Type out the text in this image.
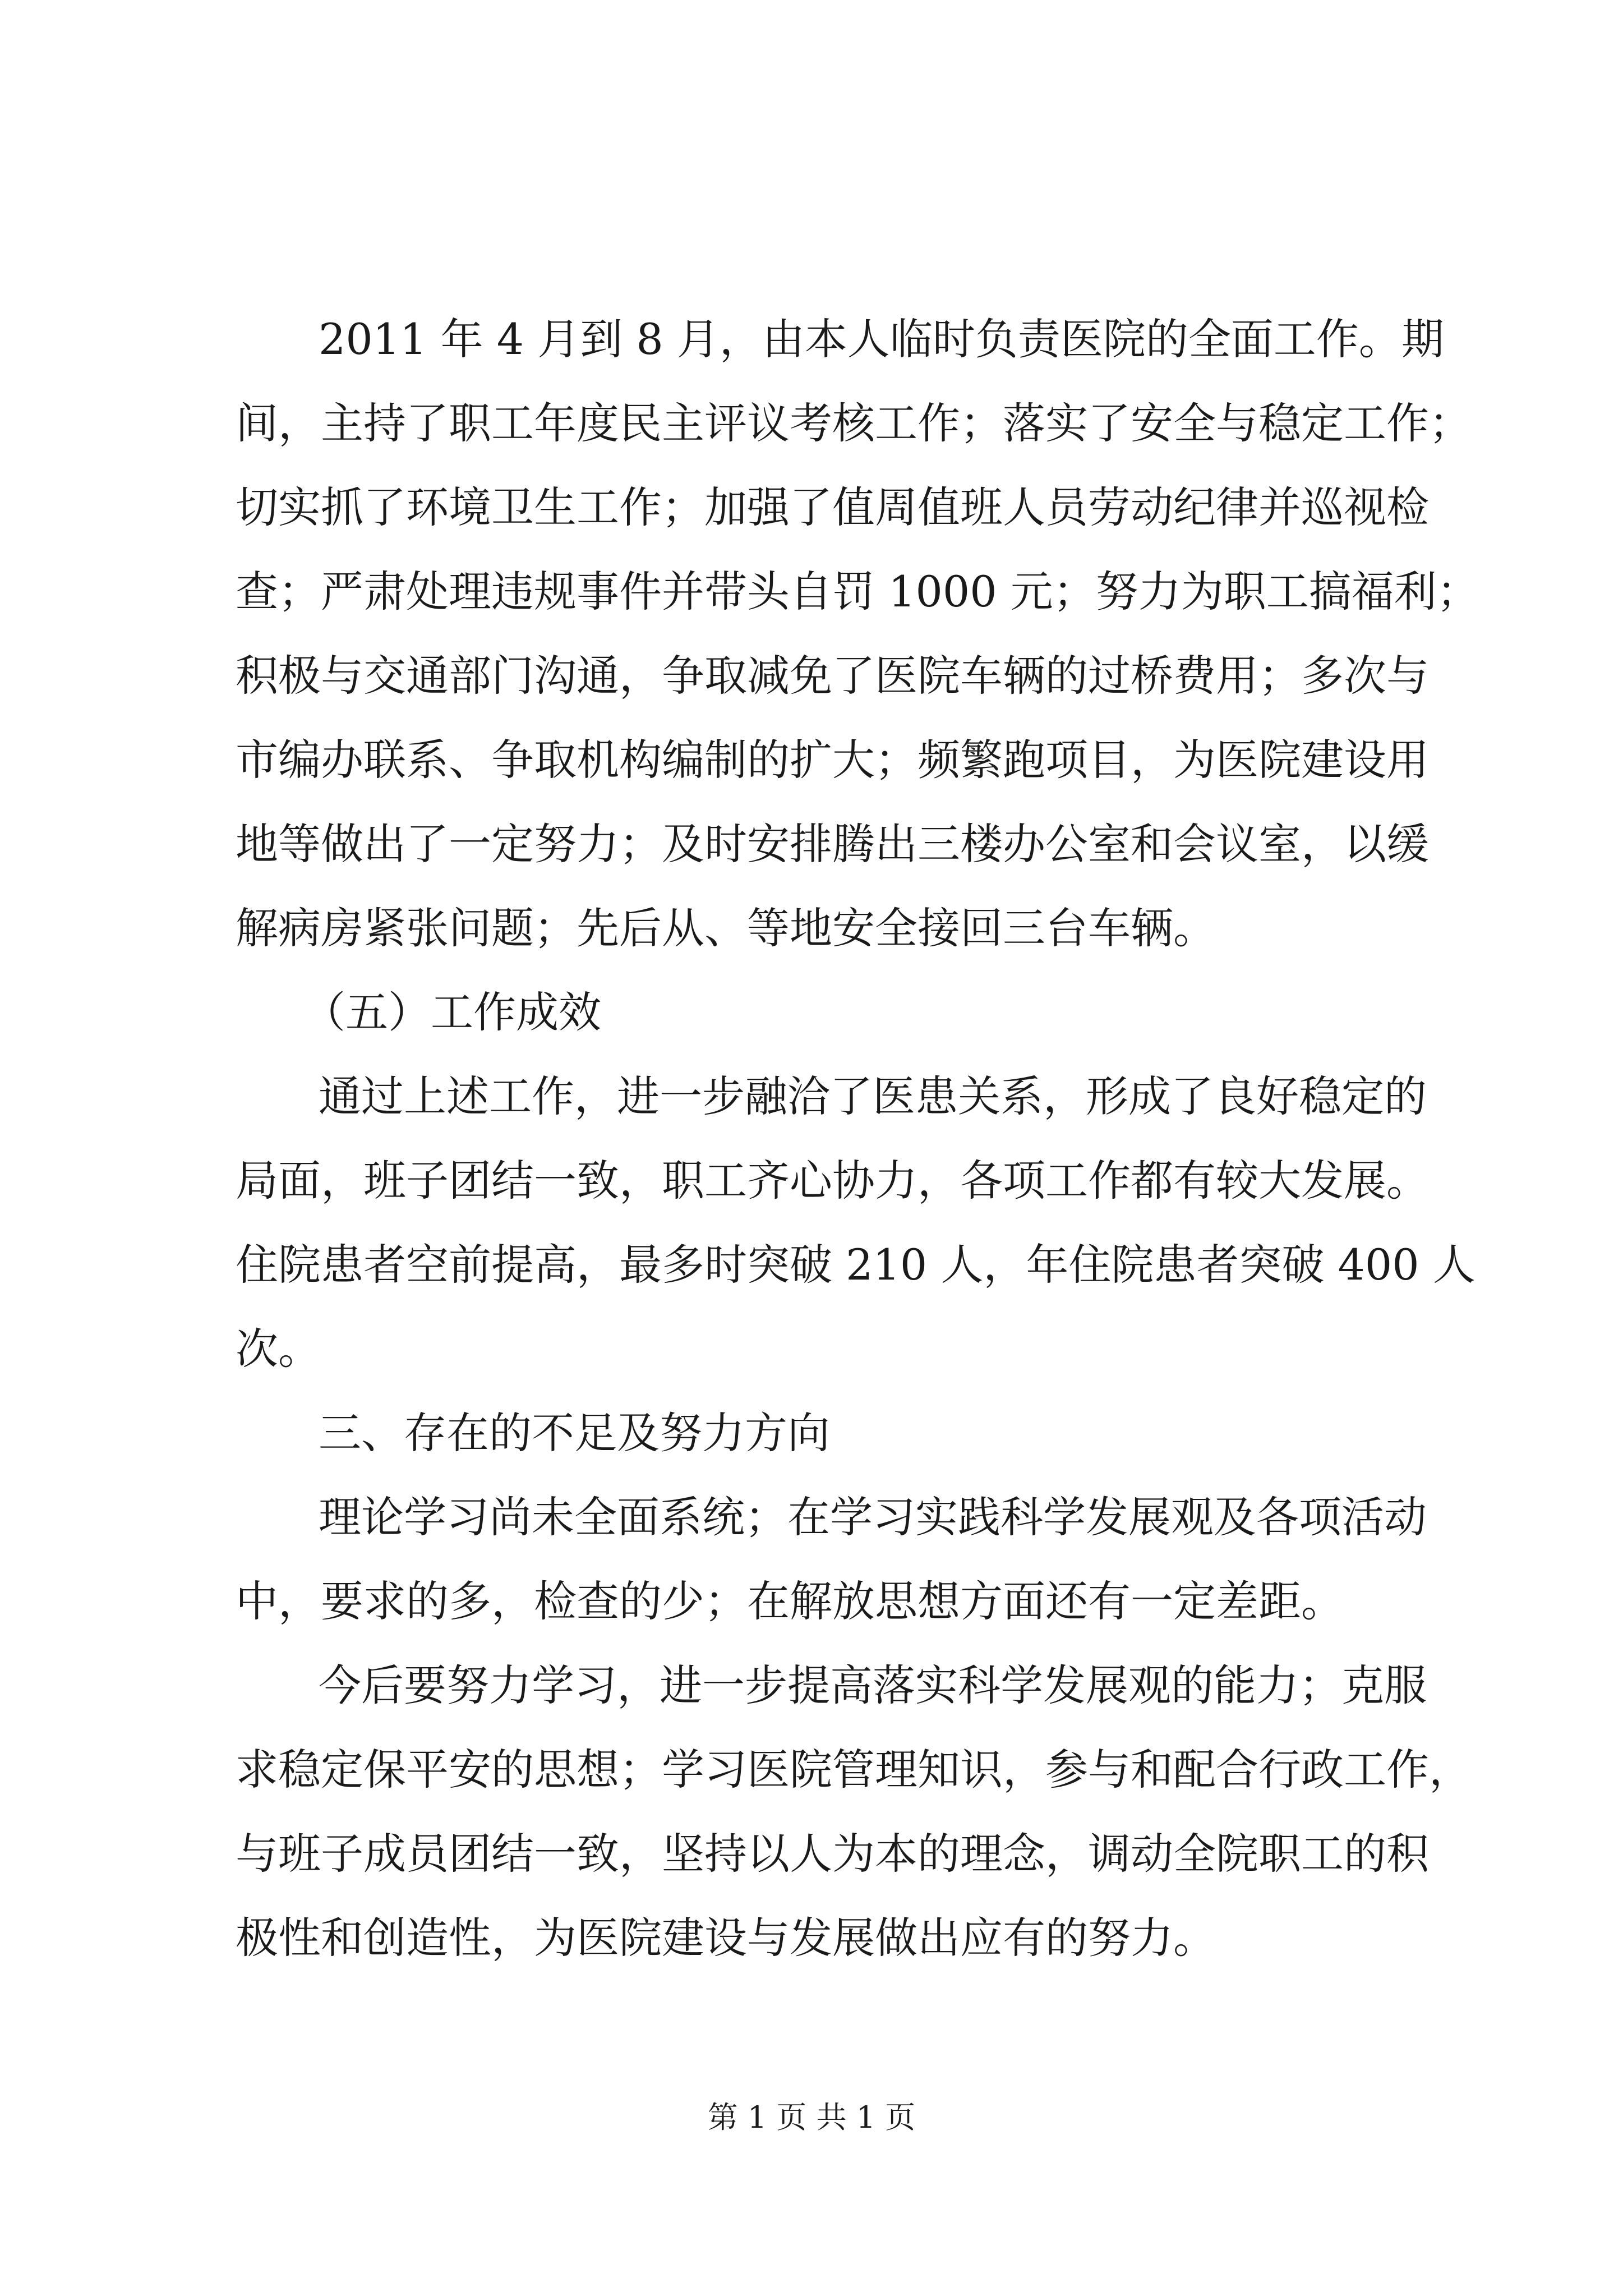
2011 年 4 月到 8 月，由本人临时负责医院的全面工作。期
间，主持了职工年度民主评议考核工作；落实了安全与稳定工作；
切实抓了环境卫生工作；加强了值周值班人员劳动纪律并巡视检
查；严肃处理违规事件并带头自罚 1000 元；努力为职工搞福利；
积极与交通部门沟通，争取减免了医院车辆的过桥费用；多次与
市编办联系、争取机构编制的扩大；频繁跑项目，为医院建设用
地等做出了一定努力；及时安排腾出三楼办公室和会议室，以缓
解病房紧张问题；先后从、等地安全接回三台车辆。
（五）工作成效
通过上述工作，进一步融洽了医患关系，形成了良好稳定的
局面，班子团结一致，职工齐心协力，各项工作都有较大发展。
住院患者空前提高，最多时突破 210 人，年住院患者突破 400 人
次。
三、存在的不足及努力方向
理论学习尚未全面系统；在学习实践科学发展观及各项活动
中，要求的多，检查的少；在解放思想方面还有一定差距。
今后要努力学习，进一步提高落实科学发展观的能力；克服
求稳定保平安的思想；学习医院管理知识，参与和配合行政工作，
与班子成员团结一致，坚持以人为本的理念，调动全院职工的积
极性和创造性，为医院建设与发展做出应有的努力。
第 1 页 共 1 页
